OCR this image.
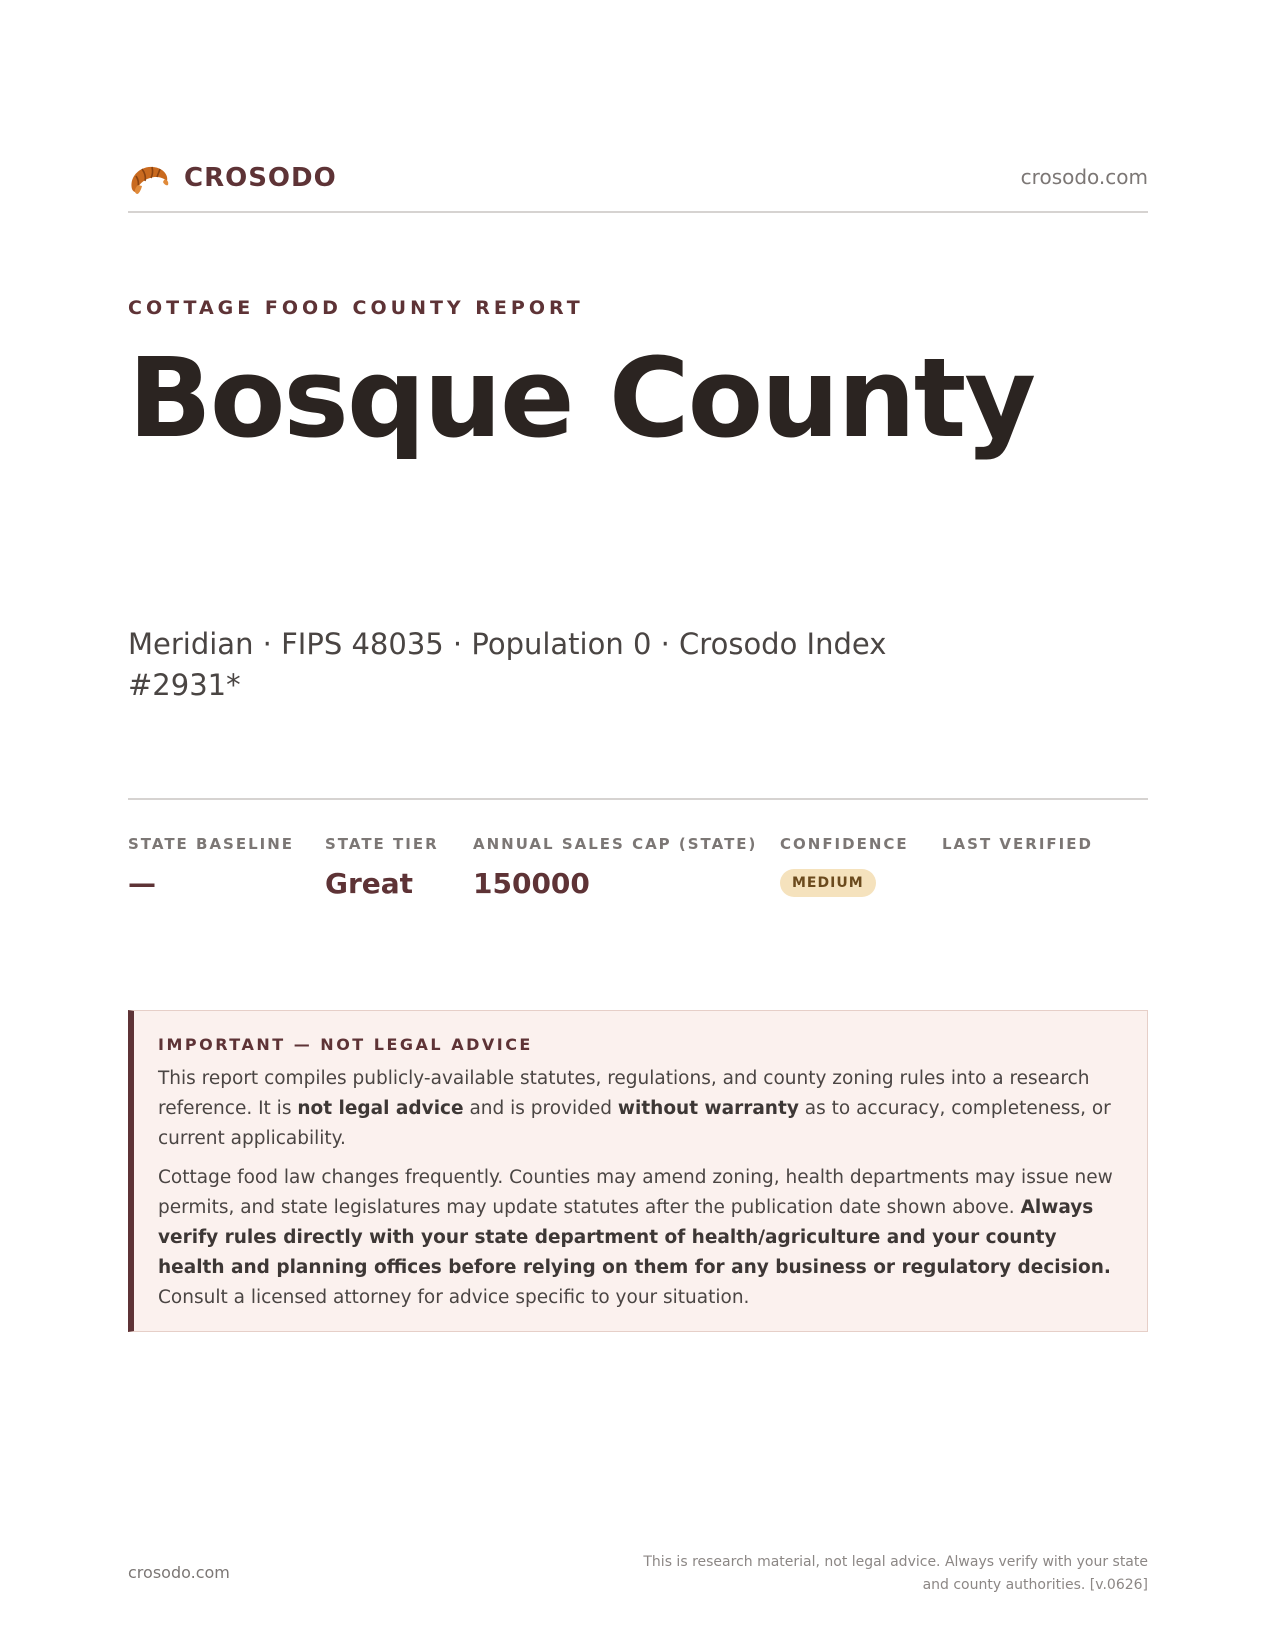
CROSODO	crosodo.com
COTTAGE FOOD COUNTY REPORT
Bosque County
Meridian · FIPS 48035 · Population 0 · Crosodo Index #2931*
STATE BASELINE
—
STATE TIER
Great
ANNUAL SALES CAP (STATE)
150000
CONFIDENCE
MEDIUM
LAST VERIFIED
IMPORTANT — NOT LEGAL ADVICE

This report compiles publicly-available statutes, regulations, and county zoning rules into a research reference. It is not legal advice and is provided without warranty as to accuracy, completeness, or current applicability.

Cottage food law changes frequently. Counties may amend zoning, health departments may issue new permits, and state legislatures may update statutes after the publication date shown above. Always verify rules directly with your state department of health/agriculture and your county health and planning offices before relying on them for any business or regulatory decision. Consult a licensed attorney for advice specific to your situation.

crosodo.com
This is research material, not legal advice. Always verify with your state and county authorities. [v.0626]
